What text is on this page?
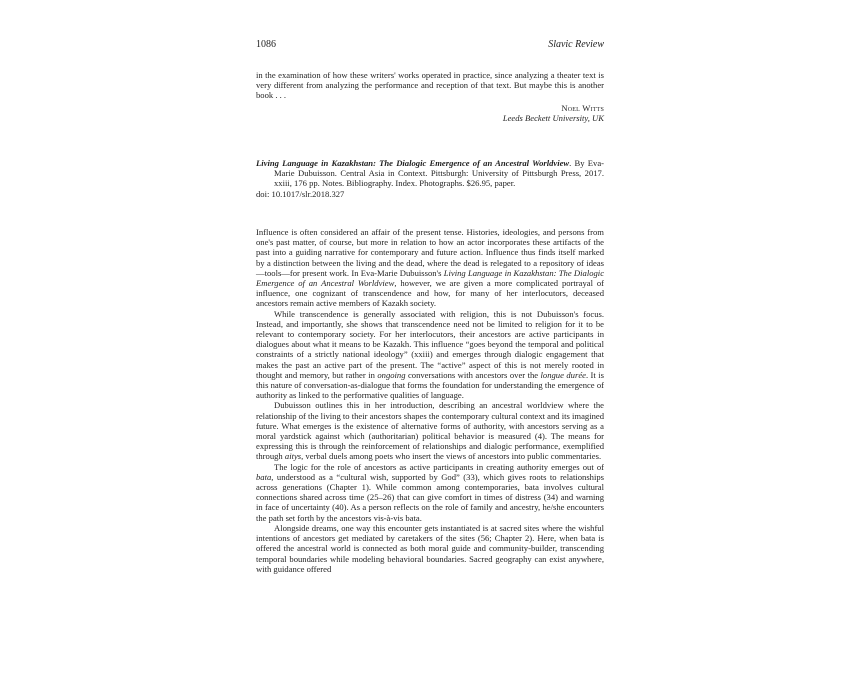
1086	Slavic Review

in the examination of how these writers' works operated in practice, since analyzing a theater text is very different from analyzing the performance and reception of that text. But maybe this is another book . . .

Noel Witts
Leeds Beckett University, UK

Living Language in Kazakhstan: The Dialogic Emergence of an Ancestral Worldview. By Eva-Marie Dubuisson. Central Asia in Context. Pittsburgh: University of Pittsburgh Press, 2017. xxiii, 176 pp. Notes. Bibliography. Index. Photographs. $26.95, paper.

doi: 10.1017/slr.2018.327

Influence is often considered an affair of the present tense. Histories, ideologies, and persons from one's past matter, of course, but more in relation to how an actor incorporates these artifacts of the past into a guiding narrative for contemporary and future action. Influence thus finds itself marked by a distinction between the living and the dead, where the dead is relegated to a repository of ideas—tools—for present work. In Eva-Marie Dubuisson's Living Language in Kazakhstan: The Dialogic Emergence of an Ancestral Worldview, however, we are given a more complicated portrayal of influence, one cognizant of transcendence and how, for many of her interlocutors, deceased ancestors remain active members of Kazakh society.

While transcendence is generally associated with religion, this is not Dubuisson's focus. Instead, and importantly, she shows that transcendence need not be limited to religion for it to be relevant to contemporary society. For her interlocutors, their ancestors are active participants in dialogues about what it means to be Kazakh. This influence “goes beyond the temporal and political constraints of a strictly national ideology” (xxiii) and emerges through dialogic engagement that makes the past an active part of the present. The “active” aspect of this is not merely rooted in thought and memory, but rather in ongoing conversations with ancestors over the longue durée. It is this nature of conversation-as-dialogue that forms the foundation for understanding the emergence of authority as linked to the performative qualities of language.

Dubuisson outlines this in her introduction, describing an ancestral worldview where the relationship of the living to their ancestors shapes the contemporary cultural context and its imagined future. What emerges is the existence of alternative forms of authority, with ancestors serving as a moral yardstick against which (authoritarian) political behavior is measured (4). The means for expressing this is through the reinforcement of relationships and dialogic performance, exemplified through aitys, verbal duels among poets who insert the views of ancestors into public commentaries.

The logic for the role of ancestors as active participants in creating authority emerges out of bata, understood as a “cultural wish, supported by God” (33), which gives roots to relationships across generations (Chapter 1). While common among contemporaries, bata involves cultural connections shared across time (25–26) that can give comfort in times of distress (34) and warning in face of uncertainty (40). As a person reflects on the role of family and ancestry, he/she encounters the path set forth by the ancestors vis-à-vis bata.

Alongside dreams, one way this encounter gets instantiated is at sacred sites where the wishful intentions of ancestors get mediated by caretakers of the sites (56; Chapter 2). Here, when bata is offered the ancestral world is connected as both moral guide and community-builder, transcending temporal boundaries while modeling behavioral boundaries. Sacred geography can exist anywhere, with guidance offered
